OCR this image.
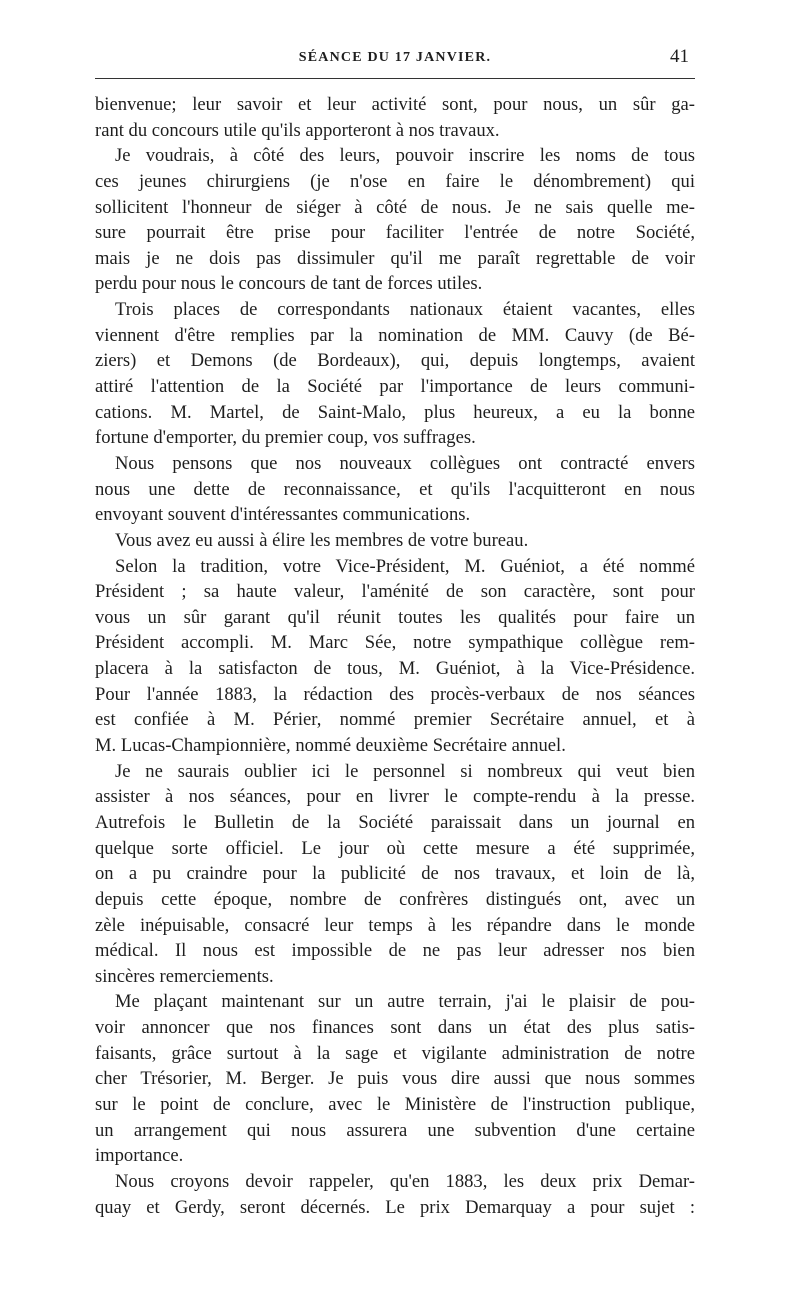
SÉANCE DU 17 JANVIER.	41
bienvenue; leur savoir et leur activité sont, pour nous, un sûr ga-
rant du concours utile qu'ils apporteront à nos travaux.
Je voudrais, à côté des leurs, pouvoir inscrire les noms de tous
ces jeunes chirurgiens (je n'ose en faire le dénombrement) qui
sollicitent l'honneur de siéger à côté de nous. Je ne sais quelle me-
sure pourrait être prise pour faciliter l'entrée de notre Société,
mais je ne dois pas dissimuler qu'il me paraît regrettable de voir
perdu pour nous le concours de tant de forces utiles.
Trois places de correspondants nationaux étaient vacantes, elles
viennent d'être remplies par la nomination de MM. Cauvy (de Bé-
ziers) et Demons (de Bordeaux), qui, depuis longtemps, avaient
attiré l'attention de la Société par l'importance de leurs communi-
cations. M. Martel, de Saint-Malo, plus heureux, a eu la bonne
fortune d'emporter, du premier coup, vos suffrages.
Nous pensons que nos nouveaux collègues ont contracté envers
nous une dette de reconnaissance, et qu'ils l'acquitteront en nous
envoyant souvent d'intéressantes communications.
Vous avez eu aussi à élire les membres de votre bureau.
Selon la tradition, votre Vice-Président, M. Guéniot, a été nommé
Président ; sa haute valeur, l'aménité de son caractère, sont pour
vous un sûr garant qu'il réunit toutes les qualités pour faire un
Président accompli. M. Marc Sée, notre sympathique collègue rem-
placera à la satisfacton de tous, M. Guéniot, à la Vice-Présidence.
Pour l'année 1883, la rédaction des procès-verbaux de nos séances
est confiée à M. Périer, nommé premier Secrétaire annuel, et à
M. Lucas-Championnière, nommé deuxième Secrétaire annuel.
Je ne saurais oublier ici le personnel si nombreux qui veut bien
assister à nos séances, pour en livrer le compte-rendu à la presse.
Autrefois le Bulletin de la Société paraissait dans un journal en
quelque sorte officiel. Le jour où cette mesure a été supprimée,
on a pu craindre pour la publicité de nos travaux, et loin de là,
depuis cette époque, nombre de confrères distingués ont, avec un
zèle inépuisable, consacré leur temps à les répandre dans le monde
médical. Il nous est impossible de ne pas leur adresser nos bien
sincères remerciements.
Me plaçant maintenant sur un autre terrain, j'ai le plaisir de pou-
voir annoncer que nos finances sont dans un état des plus satis-
faisants, grâce surtout à la sage et vigilante administration de notre
cher Trésorier, M. Berger. Je puis vous dire aussi que nous sommes
sur le point de conclure, avec le Ministère de l'instruction publique,
un arrangement qui nous assurera une subvention d'une certaine
importance.
Nous croyons devoir rappeler, qu'en 1883, les deux prix Demar-
quay et Gerdy, seront décernés. Le prix Demarquay a pour sujet :
